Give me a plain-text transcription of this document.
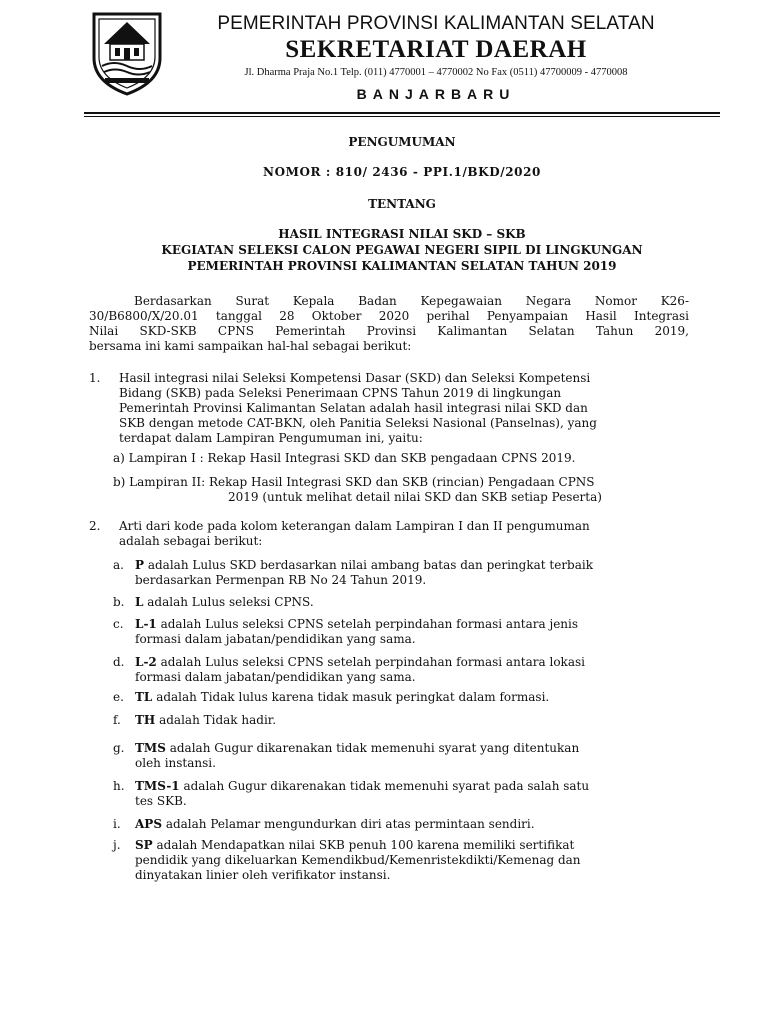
PEMERINTAH PROVINSI KALIMANTAN SELATAN
SEKRETARIAT DAERAH
Jl. Dharma Praja No.1 Telp. (011) 4770001 – 4770002 No Fax (0511) 47700009 - 4770008
BANJARBARU
PENGUMUMAN
NOMOR : 810/ 2436 - PPI.1/BKD/2020
TENTANG
HASIL INTEGRASI NILAI SKD – SKB
KEGIATAN SELEKSI CALON PEGAWAI NEGERI SIPIL DI LINGKUNGAN
PEMERINTAH PROVINSI KALIMANTAN SELATAN TAHUN 2019
Berdasarkan Surat Kepala Badan Kepegawaian Negara Nomor K26-
30/B6800/X/20.01 tanggal 28 Oktober 2020 perihal Penyampaian Hasil Integrasi
Nilai SKD-SKB CPNS Pemerintah Provinsi Kalimantan Selatan Tahun 2019,
bersama ini kami sampaikan hal-hal sebagai berikut:
1. Hasil integrasi nilai Seleksi Kompetensi Dasar (SKD) dan Seleksi Kompetensi
Bidang (SKB) pada Seleksi Penerimaan CPNS Tahun 2019 di lingkungan
Pemerintah Provinsi Kalimantan Selatan adalah hasil integrasi nilai SKD dan
SKB dengan metode CAT-BKN, oleh Panitia Seleksi Nasional (Panselnas), yang
terdapat dalam Lampiran Pengumuman ini, yaitu:
a) Lampiran I : Rekap Hasil Integrasi SKD dan SKB pengadaan CPNS 2019.
b) Lampiran II: Rekap Hasil Integrasi SKD dan SKB (rincian) Pengadaan CPNS
2019 (untuk melihat detail nilai SKD dan SKB setiap Peserta)
2. Arti dari kode pada kolom keterangan dalam Lampiran I dan II pengumuman
adalah sebagai berikut:
a. P adalah Lulus SKD berdasarkan nilai ambang batas dan peringkat terbaik
berdasarkan Permenpan RB No 24 Tahun 2019.
b. L adalah Lulus seleksi CPNS.
c. L-1 adalah Lulus seleksi CPNS setelah perpindahan formasi antara jenis
formasi dalam jabatan/pendidikan yang sama.
d. L-2 adalah Lulus seleksi CPNS setelah perpindahan formasi antara lokasi
formasi dalam jabatan/pendidikan yang sama.
e. TL adalah Tidak lulus karena tidak masuk peringkat dalam formasi.
f. TH adalah Tidak hadir.
g. TMS adalah Gugur dikarenakan tidak memenuhi syarat yang ditentukan
oleh instansi.
h. TMS-1 adalah Gugur dikarenakan tidak memenuhi syarat pada salah satu
tes SKB.
i. APS adalah Pelamar mengundurkan diri atas permintaan sendiri.
j. SP adalah Mendapatkan nilai SKB penuh 100 karena memiliki sertifikat
pendidik yang dikeluarkan Kemendikbud/Kemenristekdikti/Kemenag dan
dinyatakan linier oleh verifikator instansi.
